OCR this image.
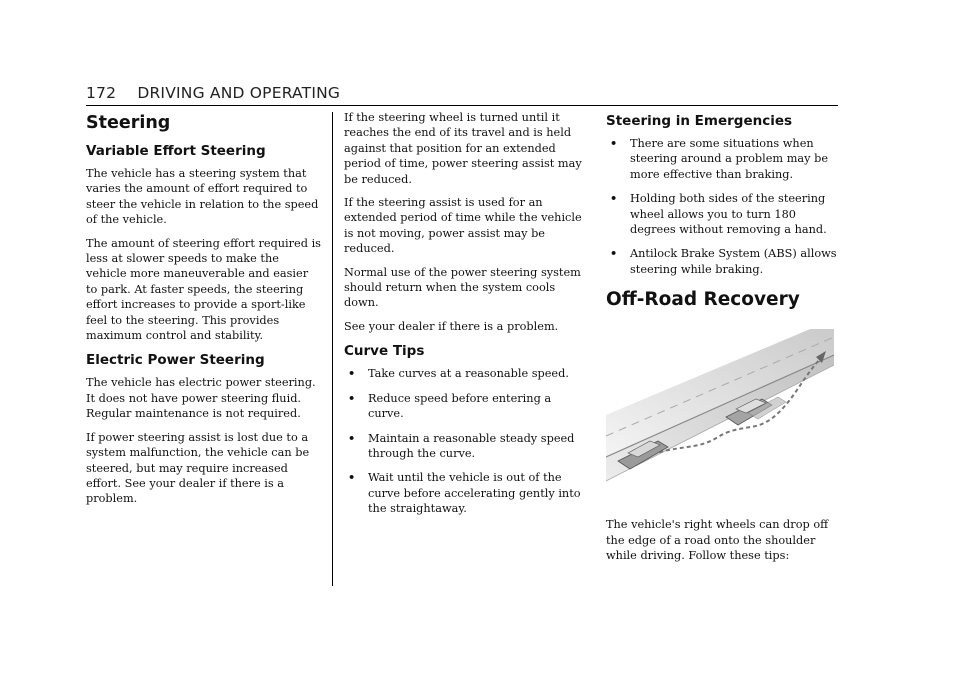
172 DRIVING AND OPERATING
Steering
Variable Effort Steering

The vehicle has a steering system that varies the amount of effort required to steer the vehicle in relation to the speed of the vehicle.

The amount of steering effort required is less at slower speeds to make the vehicle more maneuverable and easier to park. At faster speeds, the steering effort increases to provide a sport-like feel to the steering. This provides maximum control and stability.

Electric Power Steering

The vehicle has electric power steering. It does not have power steering fluid. Regular maintenance is not required.

If power steering assist is lost due to a system malfunction, the vehicle can be steered, but may require increased effort. See your dealer if there is a problem.

If the steering wheel is turned until it reaches the end of its travel and is held against that position for an extended period of time, power steering assist may be reduced.

If the steering assist is used for an extended period of time while the vehicle is not moving, power assist may be reduced.

Normal use of the power steering system should return when the system cools down.

See your dealer if there is a problem.

Curve Tips
• Take curves at a reasonable speed.
• Reduce speed before entering a curve.
• Maintain a reasonable steady speed through the curve.
• Wait until the vehicle is out of the curve before accelerating gently into the straightaway.
Steering in Emergencies
• There are some situations when steering around a problem may be more effective than braking.
• Holding both sides of the steering wheel allows you to turn 180 degrees without removing a hand.
• Antilock Brake System (ABS) allows steering while braking.
Off-Road Recovery

The vehicle's right wheels can drop off the edge of a road onto the shoulder while driving. Follow these tips:
